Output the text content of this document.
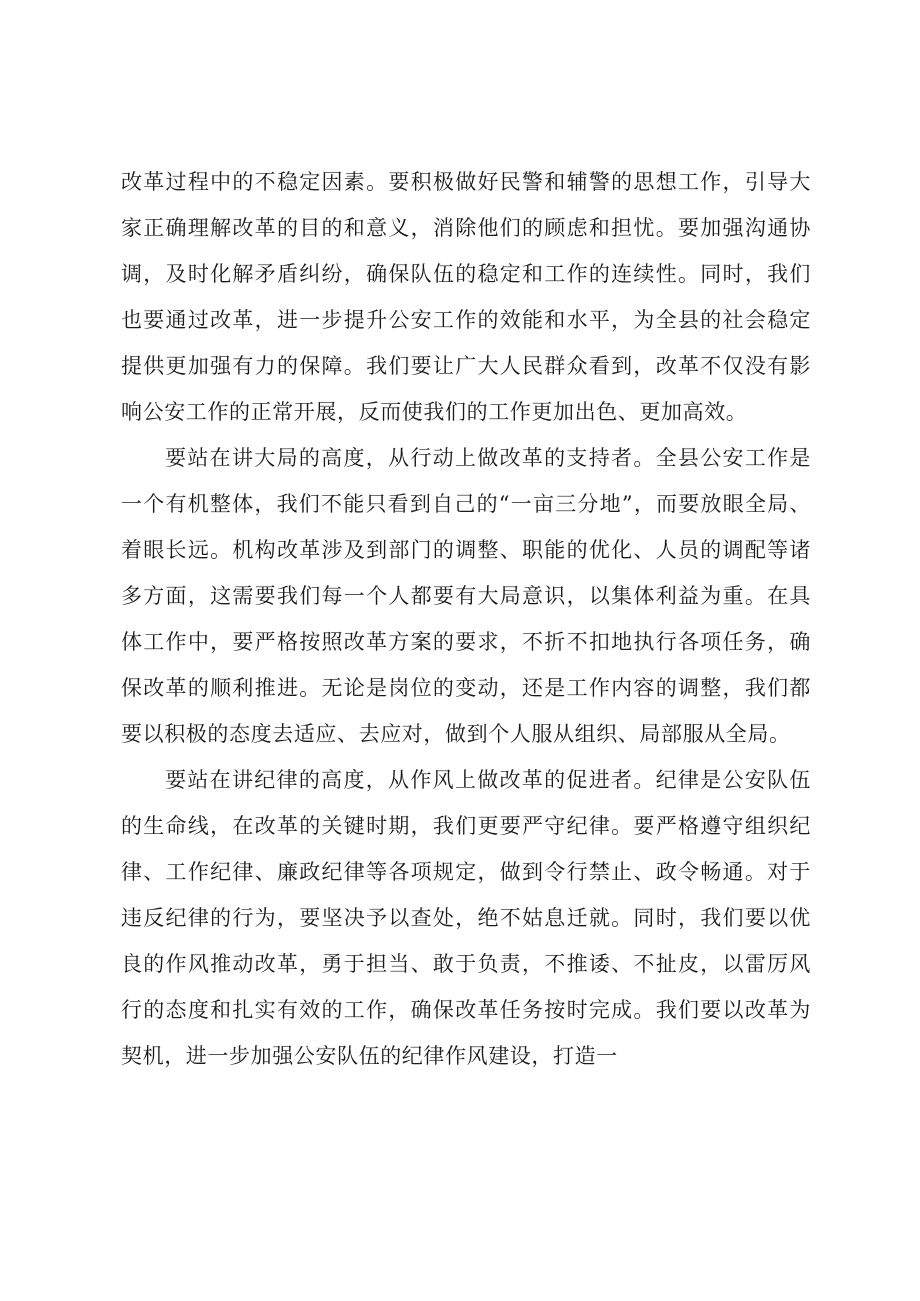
改革过程中的不稳定因素。要积极做好民警和辅警的思想工作，引导大家正确理解改革的目的和意义，消除他们的顾虑和担忧。要加强沟通协调，及时化解矛盾纠纷，确保队伍的稳定和工作的连续性。同时，我们也要通过改革，进一步提升公安工作的效能和水平，为全县的社会稳定提供更加强有力的保障。我们要让广大人民群众看到，改革不仅没有影响公安工作的正常开展，反而使我们的工作更加出色、更加高效。

要站在讲大局的高度，从行动上做改革的支持者。全县公安工作是一个有机整体，我们不能只看到自己的“一亩三分地”，而要放眼全局、着眼长远。机构改革涉及到部门的调整、职能的优化、人员的调配等诸多方面，这需要我们每一个人都要有大局意识，以集体利益为重。在具体工作中，要严格按照改革方案的要求，不折不扣地执行各项任务，确保改革的顺利推进。无论是岗位的变动，还是工作内容的调整，我们都要以积极的态度去适应、去应对，做到个人服从组织、局部服从全局。

要站在讲纪律的高度，从作风上做改革的促进者。纪律是公安队伍的生命线，在改革的关键时期，我们更要严守纪律。要严格遵守组织纪律、工作纪律、廉政纪律等各项规定，做到令行禁止、政令畅通。对于违反纪律的行为，要坚决予以查处，绝不姑息迁就。同时，我们要以优良的作风推动改革，勇于担当、敢于负责，不推诿、不扯皮，以雷厉风行的态度和扎实有效的工作，确保改革任务按时完成。我们要以改革为契机，进一步加强公安队伍的纪律作风建设，打造一
